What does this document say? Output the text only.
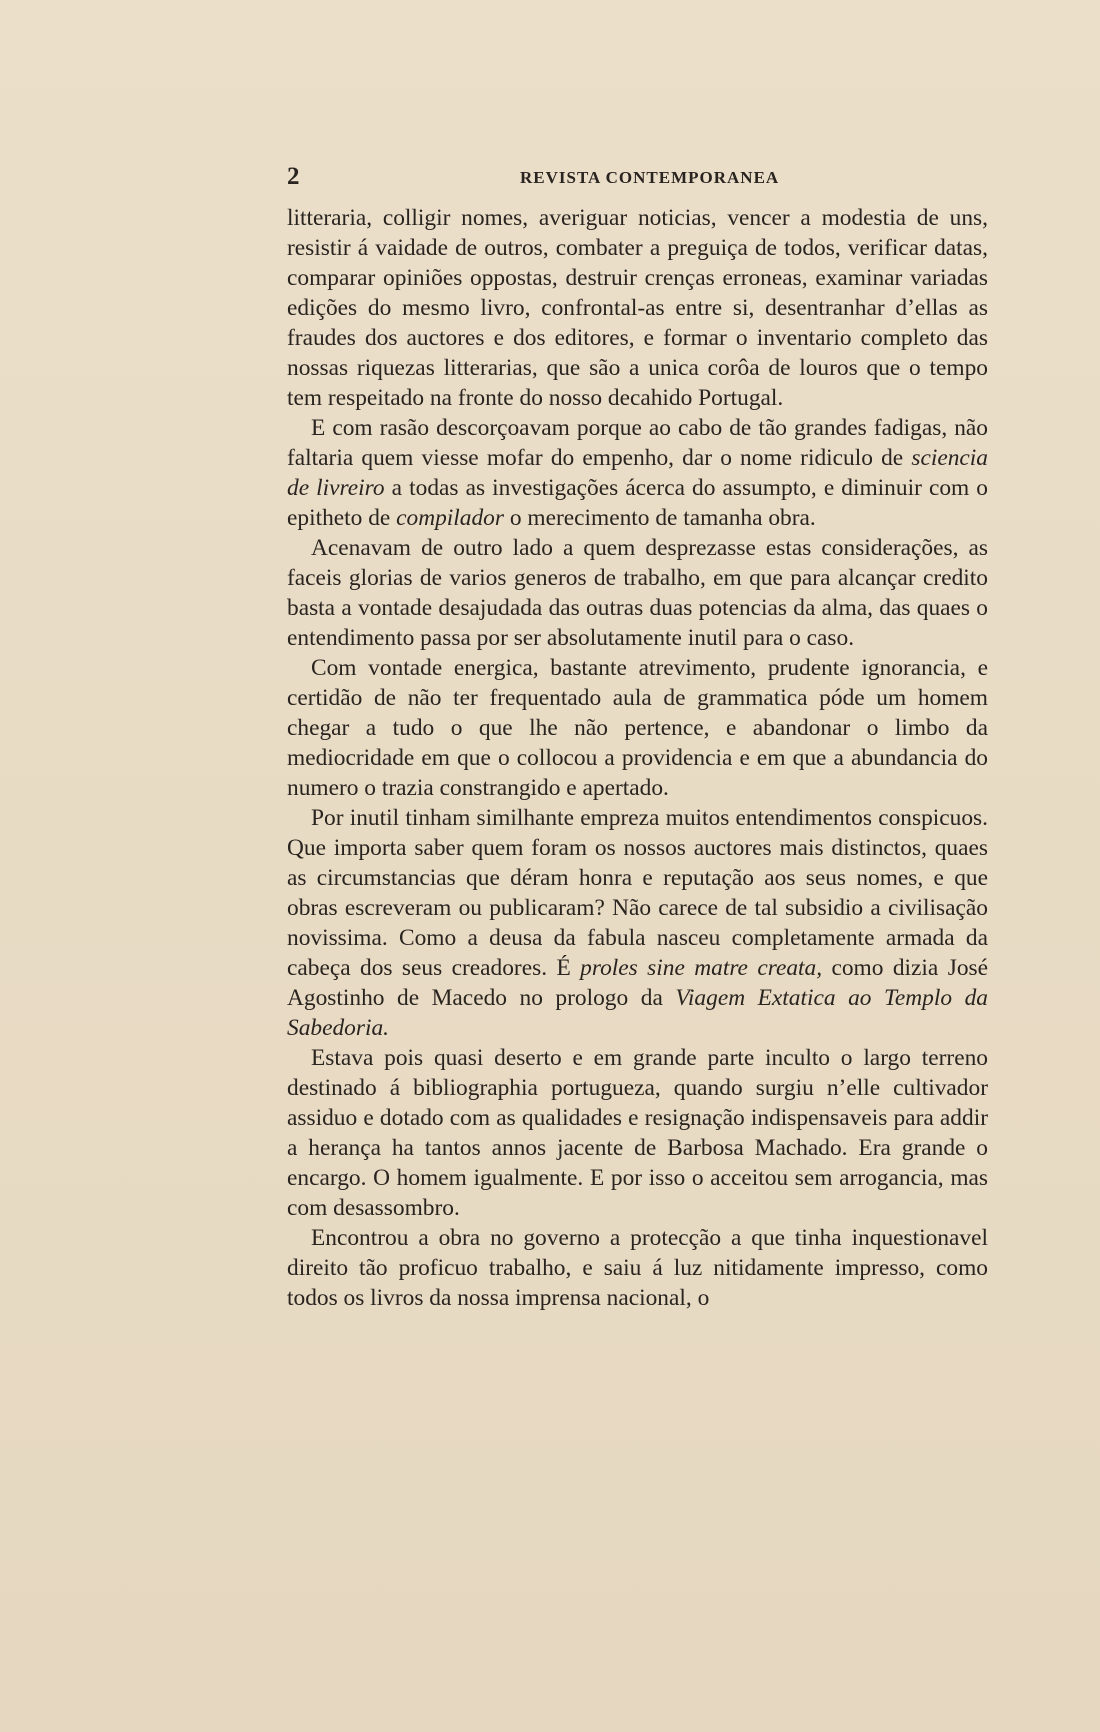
2	REVISTA CONTEMPORANEA

litteraria, colligir nomes, averiguar noticias, vencer a modestia de uns, resistir á vaidade de outros, combater a preguiça de todos, verificar datas, comparar opiniões oppostas, destruir crenças erroneas, examinar variadas edições do mesmo livro, confrontal-as entre si, desentranhar d’ellas as fraudes dos auctores e dos editores, e formar o inventario completo das nossas riquezas litterarias, que são a unica corôa de louros que o tempo tem respeitado na fronte do nosso decahido Portugal.

E com rasão descorçoavam porque ao cabo de tão grandes fadigas, não faltaria quem viesse mofar do empenho, dar o nome ridiculo de sciencia de livreiro a todas as investigações ácerca do assumpto, e diminuir com o epitheto de compilador o merecimento de tamanha obra.

Acenavam de outro lado a quem desprezasse estas considerações, as faceis glorias de varios generos de trabalho, em que para alcançar credito basta a vontade desajudada das outras duas potencias da alma, das quaes o entendimento passa por ser absolutamente inutil para o caso.

Com vontade energica, bastante atrevimento, prudente ignorancia, e certidão de não ter frequentado aula de grammatica póde um homem chegar a tudo o que lhe não pertence, e abandonar o limbo da mediocridade em que o collocou a providencia e em que a abundancia do numero o trazia constrangido e apertado.

Por inutil tinham similhante empreza muitos entendimentos conspicuos. Que importa saber quem foram os nossos auctores mais distinctos, quaes as circumstancias que déram honra e reputação aos seus nomes, e que obras escreveram ou publicaram? Não carece de tal subsidio a civilisação novissima. Como a deusa da fabula nasceu completamente armada da cabeça dos seus creadores. É proles sine matre creata, como dizia José Agostinho de Macedo no prologo da Viagem Extatica ao Templo da Sabedoria.

Estava pois quasi deserto e em grande parte inculto o largo terreno destinado á bibliographia portugueza, quando surgiu n’elle cultivador assiduo e dotado com as qualidades e resignação indispensaveis para addir a herança ha tantos annos jacente de Barbosa Machado. Era grande o encargo. O homem igualmente. E por isso o acceitou sem arrogancia, mas com desassombro.

Encontrou a obra no governo a protecção a que tinha inquestionavel direito tão proficuo trabalho, e saiu á luz nitidamente impresso, como todos os livros da nossa imprensa nacional, o
